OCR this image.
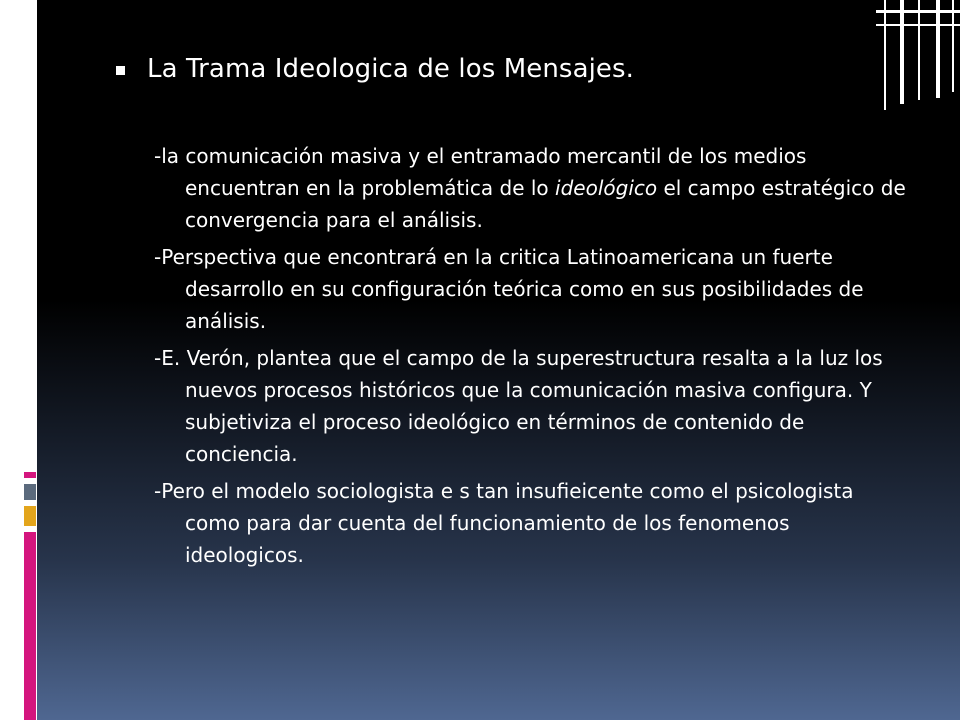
La Trama Ideologica de los Mensajes.

-la comunicación masiva y el entramado mercantil de los medios encuentran en la problemática de lo ideológico el campo estratégico de convergencia para el análisis.

-Perspectiva que encontrará en la critica Latinoamericana un fuerte desarrollo en su configuración teórica como en sus posibilidades de análisis.

-E. Verón, plantea que el campo de la superestructura resalta a la luz los nuevos procesos históricos que la comunicación masiva configura. Y subjetiviza el proceso ideológico en términos de contenido de conciencia.

-Pero el modelo sociologista e s tan insufieicente como el psicologista como para dar cuenta del funcionamiento de los fenomenos ideologicos.
